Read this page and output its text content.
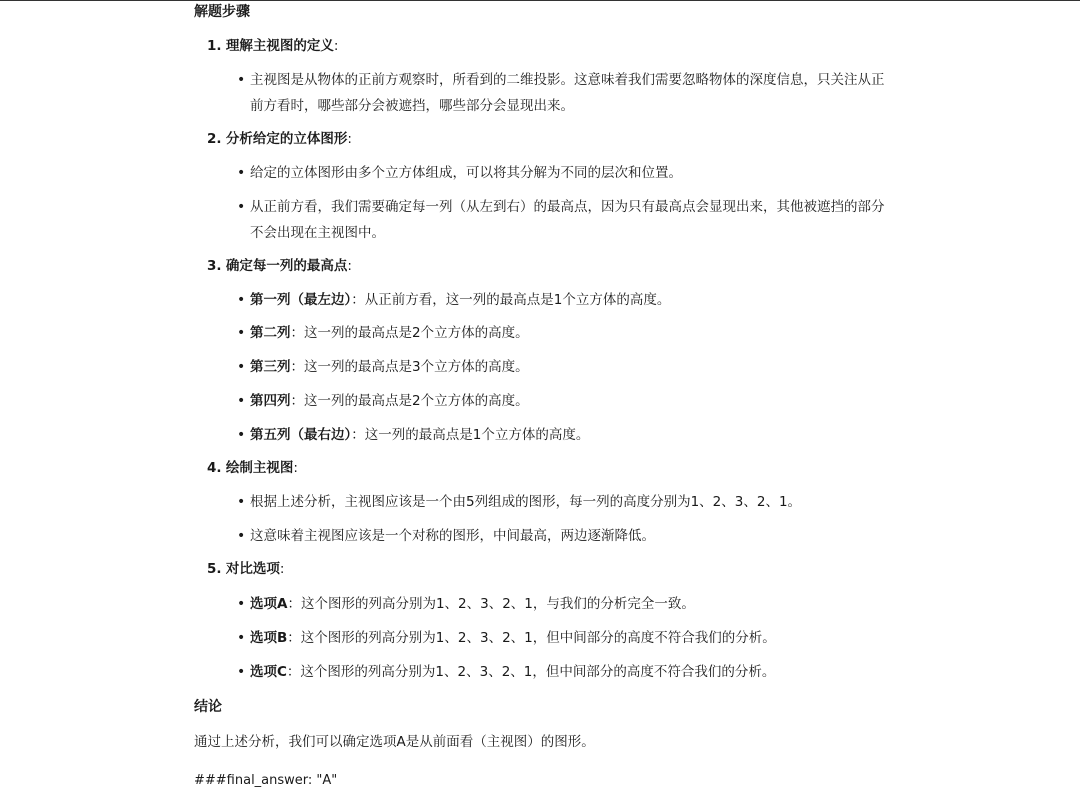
解题步骤
1. 理解主视图的定义:
• 主视图是从物体的正前方观察时，所看到的二维投影。这意味着我们需要忽略物体的深度信息，只关注从正前方看时，哪些部分会被遮挡，哪些部分会显现出来。
2. 分析给定的立体图形:
• 给定的立体图形由多个立方体组成，可以将其分解为不同的层次和位置。
• 从正前方看，我们需要确定每一列（从左到右）的最高点，因为只有最高点会显现出来，其他被遮挡的部分不会出现在主视图中。
3. 确定每一列的最高点:
• 第一列（最左边）：从正前方看，这一列的最高点是1个立方体的高度。
• 第二列：这一列的最高点是2个立方体的高度。
• 第三列：这一列的最高点是3个立方体的高度。
• 第四列：这一列的最高点是2个立方体的高度。
• 第五列（最右边）：这一列的最高点是1个立方体的高度。
4. 绘制主视图:
• 根据上述分析，主视图应该是一个由5列组成的图形，每一列的高度分别为1、2、3、2、1。
• 这意味着主视图应该是一个对称的图形，中间最高，两边逐渐降低。
5. 对比选项:
• 选项A：这个图形的列高分别为1、2、3、2、1，与我们的分析完全一致。
• 选项B：这个图形的列高分别为1、2、3、2、1，但中间部分的高度不符合我们的分析。
• 选项C：这个图形的列高分别为1、2、3、2、1，但中间部分的高度不符合我们的分析。
结论
通过上述分析，我们可以确定选项A是从前面看（主视图）的图形。
###final_answer: "A"
